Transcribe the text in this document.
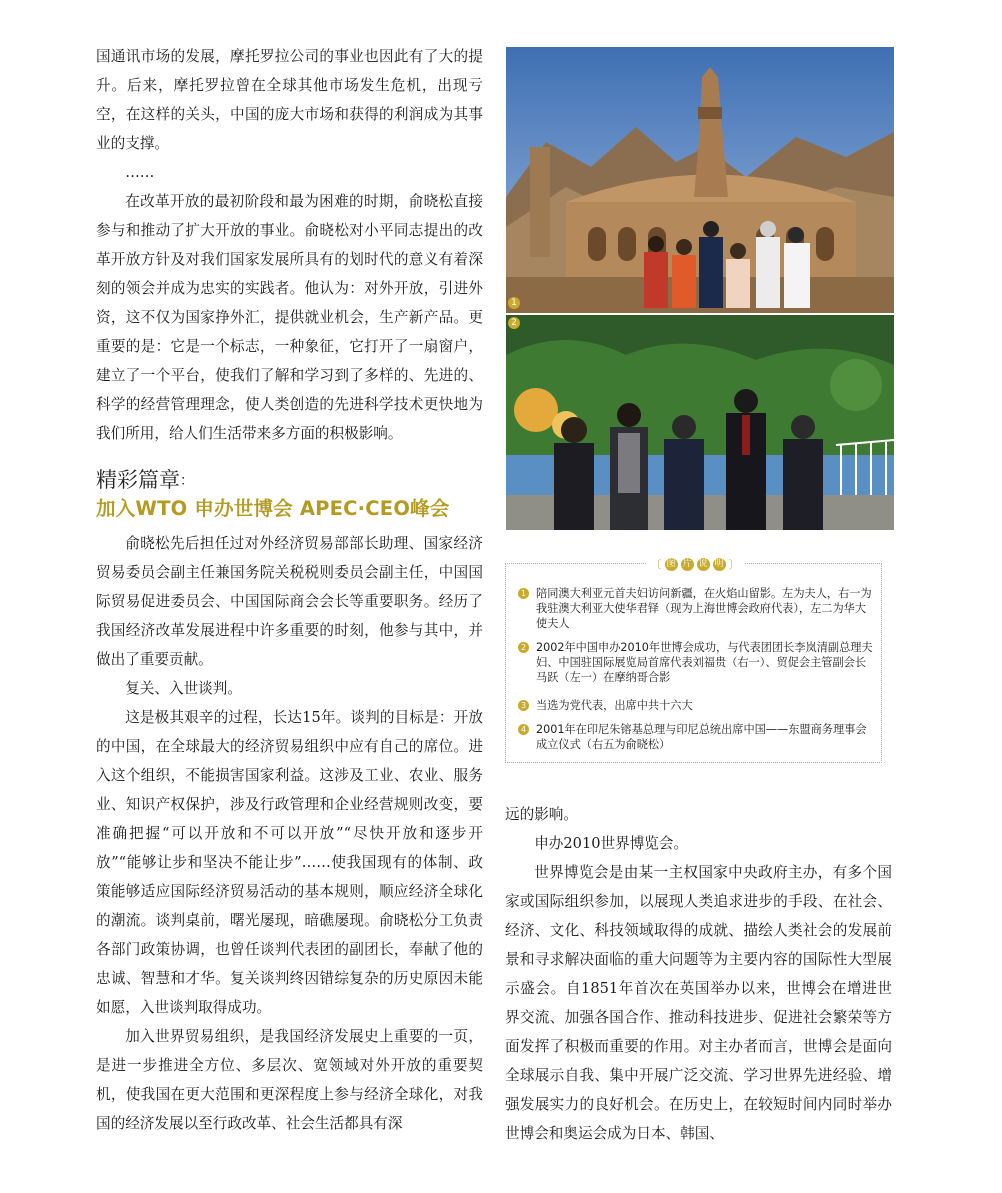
国通讯市场的发展，摩托罗拉公司的事业也因此有了大的提升。后来，摩托罗拉曾在全球其他市场发生危机，出现亏空，在这样的关头，中国的庞大市场和获得的利润成为其事业的支撑。

……

在改革开放的最初阶段和最为困难的时期，俞晓松直接参与和推动了扩大开放的事业。俞晓松对小平同志提出的改革开放方针及对我们国家发展所具有的划时代的意义有着深刻的领会并成为忠实的实践者。他认为：对外开放，引进外资，这不仅为国家挣外汇，提供就业机会，生产新产品。更重要的是：它是一个标志，一种象征，它打开了一扇窗户，建立了一个平台，使我们了解和学习到了多样的、先进的、科学的经营管理理念，使人类创造的先进科学技术更快地为我们所用，给人们生活带来多方面的积极影响。

精彩篇章：
加入WTO 申办世博会 APEC·CEO峰会

俞晓松先后担任过对外经济贸易部部长助理、国家经济贸易委员会副主任兼国务院关税税则委员会副主任，中国国际贸易促进委员会、中国国际商会会长等重要职务。经历了我国经济改革发展进程中许多重要的时刻，他参与其中，并做出了重要贡献。

复关、入世谈判。

这是极其艰辛的过程，长达15年。谈判的目标是：开放的中国，在全球最大的经济贸易组织中应有自己的席位。进入这个组织，不能损害国家利益。这涉及工业、农业、服务业、知识产权保护，涉及行政管理和企业经营规则改变，要准确把握“可以开放和不可以开放”“尽快开放和逐步开放”“能够让步和坚决不能让步”……使我国现有的体制、政策能够适应国际经济贸易活动的基本规则，顺应经济全球化的潮流。谈判桌前，曙光屡现，暗礁屡现。俞晓松分工负责各部门政策协调，也曾任谈判代表团的副团长，奉献了他的忠诚、智慧和才华。复关谈判终因错综复杂的历史原因未能如愿，入世谈判取得成功。

加入世界贸易组织，是我国经济发展史上重要的一页，是进一步推进全方位、多层次、宽领域对外开放的重要契机，使我国在更大范围和更深程度上参与经济全球化，对我国的经济发展以至行政改革、社会生活都具有深

1
2
〔 图 片 说 明 〕
1 陪同澳大利亚元首夫妇访问新疆，在火焰山留影。左为夫人，右一为我驻澳大利亚大使华君铎（现为上海世博会政府代表），左二为华大使夫人
2 2002年中国申办2010年世博会成功，与代表团团长李岚清副总理夫妇、中国驻国际展览局首席代表刘福贵（右一）、贸促会主管副会长马跃（左一）在摩纳哥合影
3 当选为党代表，出席中共十六大
4 2001年在印尼朱镕基总理与印尼总统出席中国——东盟商务理事会成立仪式（右五为俞晓松）

远的影响。

申办2010世界博览会。

世界博览会是由某一主权国家中央政府主办，有多个国家或国际组织参加，以展现人类追求进步的手段、在社会、经济、文化、科技领域取得的成就、描绘人类社会的发展前景和寻求解决面临的重大问题等为主要内容的国际性大型展示盛会。自1851年首次在英国举办以来，世博会在增进世界交流、加强各国合作、推动科技进步、促进社会繁荣等方面发挥了积极而重要的作用。对主办者而言，世博会是面向全球展示自我、集中开展广泛交流、学习世界先进经验、增强发展实力的良好机会。在历史上，在较短时间内同时举办世博会和奥运会成为日本、韩国、
